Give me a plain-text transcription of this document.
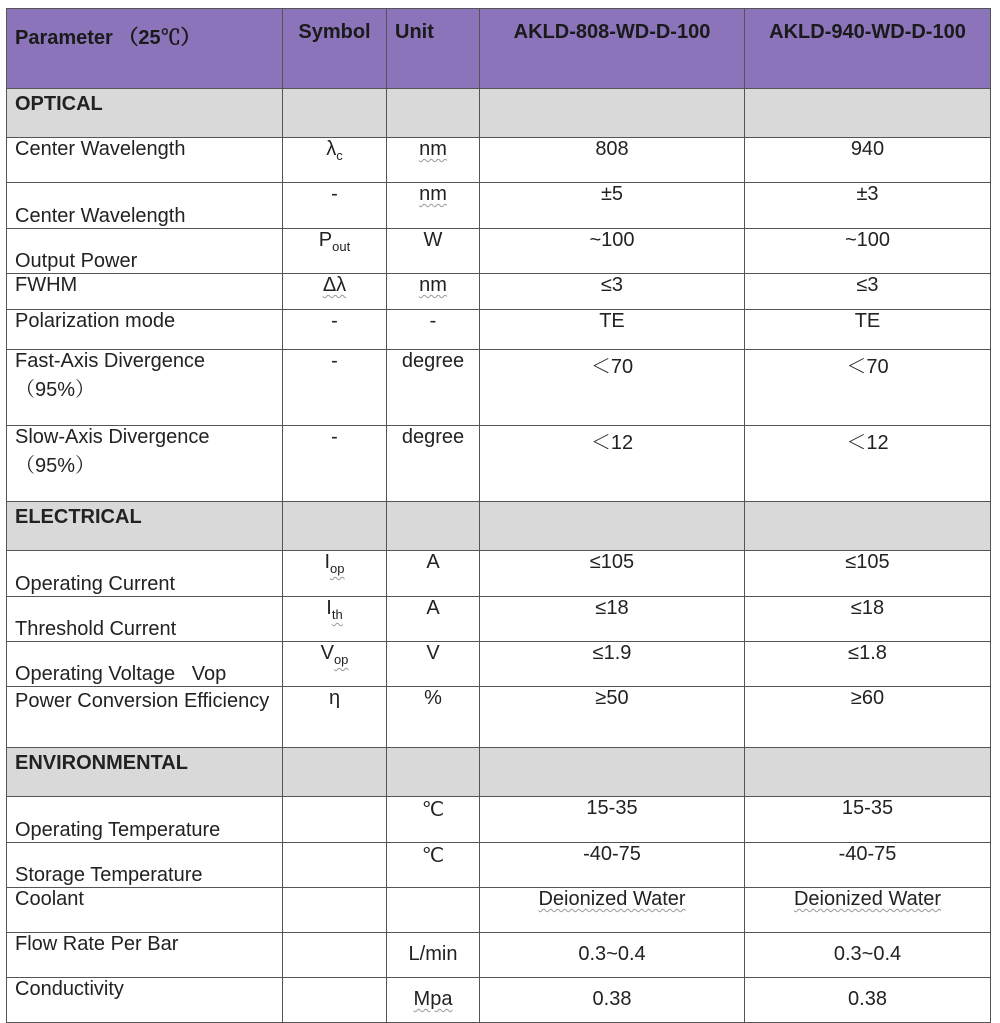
Parameter （25℃）	Symbol	Unit	AKLD-808-WD-D-100	AKLD-940-WD-D-100
OPTICAL				
Center Wavelength	$\lambda_c$	nm	808	940
Center Wavelength	-	nm	±5	±3
Output Power	$P_{out}$	W	~100	~100
FWHM	Δλ	nm	≤3	≤3
Polarization mode	-	-	TE	TE

Fast-Axis Divergence
（95%）	-	degree	＜70	＜70

Slow-Axis Divergence
（95%）	-	degree	＜12	＜12
ELECTRICAL				
Operating Current	$I_{op}$	A	≤105	≤105
Threshold Current	$I_{th}$	A	≤18	≤18
Operating Voltage   Vop	$V_{op}$	V	≤1.9	≤1.8
Power Conversion Efficiency	η	%	≥50	≥60
ENVIRONMENTAL				
Operating Temperature		℃	15-35	15-35
Storage Temperature		℃	-40-75	-40-75
Coolant			Deionized Water	Deionized Water
Flow Rate Per Bar		L/min	0.3~0.4	0.3~0.4
Conductivity		Mpa	0.38	0.38
